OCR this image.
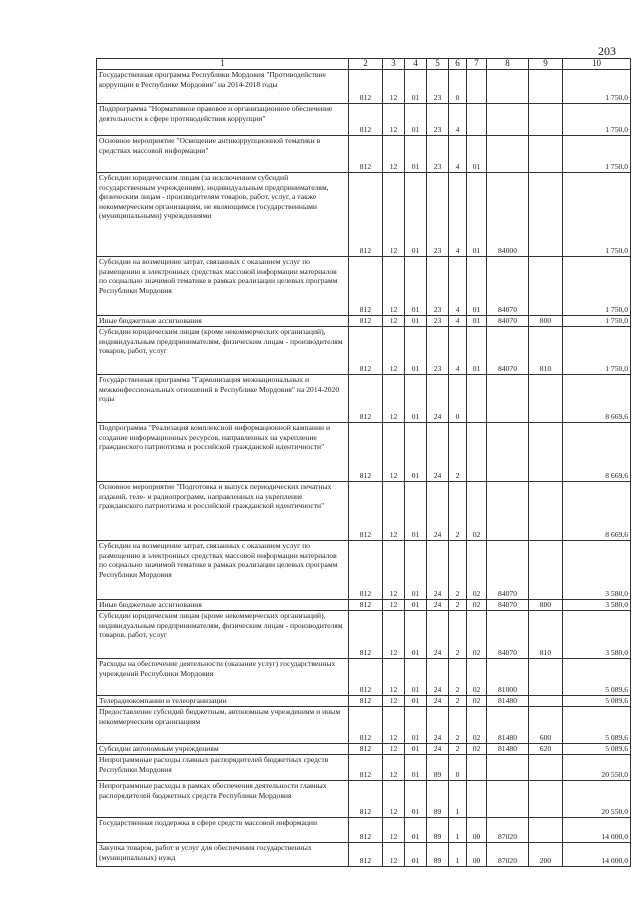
203
1	2	3	4	5	6	7	8	9	10
Государственная программа Республики Мордовия "Противодействие коррупции в Республике Мордовия" на 2014-2018 годы	812	12	01	23	0				1 750,0
Подпрограмма "Нормативное правовое и организационное обеспечение деятельности в сфере противодействия коррупции"	812	12	01	23	4				1 750,0
Основное мероприятие "Освещение антикоррупционной тематики в средствах массовой информации"	812	12	01	23	4	01			1 750,0
Субсидии юридическим лицам (за исключением субсидий государственным учреждениям), индивидуальным предпринимателям, физическим лицам - производителям товаров, работ, услуг, а также некоммерческим организациям, не являющимся государственными (муниципальными) учреждениями	812	12	01	23	4	01	84000		1 750,0
Субсидии на возмещение затрат, связанных с оказанием услуг по размещению в электронных средствах массовой информации материалов по социально значимой тематике в рамках реализации целевых программ Республики Мордовия	812	12	01	23	4	01	84070		1 750,0
Иные бюджетные ассигнования	812	12	01	23	4	01	84070	800	1 750,0
Субсидии юридическим лицам (кроме некоммерческих организаций), индивидуальным предпринимателям, физическим лицам - производителям товаров, работ, услуг	812	12	01	23	4	01	84070	810	1 750,0
Государственная программа "Гармонизация межнациональных и межконфессиональных отношений в Республике Мордовия" на 2014-2020 годы	812	12	01	24	0				8 669,6
Подпрограмма "Реализация комплексной информационной кампании и создание информационных ресурсов, направленных на укрепление гражданского патриотизма и российской гражданской идентичности"	812	12	01	24	2				8 669,6
Основное мероприятие "Подготовка и выпуск периодических печатных изданий, теле- и радиопрограмм, направленных на укрепление гражданского патриотизма и российской гражданской идентичности"	812	12	01	24	2	02			8 669,6
Субсидии на возмещение затрат, связанных с оказанием услуг по размещению в электронных средствах массовой информации материалов по социально значимой тематике в рамках реализации целевых программ Республики Мордовия	812	12	01	24	2	02	84070		3 580,0
Иные бюджетные ассигнования	812	12	01	24	2	02	84070	800	3 580,0
Субсидии юридическим лицам (кроме некоммерческих организаций), индивидуальным предпринимателям, физическим лицам - производителям товаров, работ, услуг	812	12	01	24	2	02	84070	810	3 580,0
Расходы на обеспечение деятельности (оказание услуг) государственных учреждений Республики Мордовия	812	12	01	24	2	02	81000		5 089,6
Телерадиокомпании и телеорганизации	812	12	01	24	2	02	81480		5 089,6
Предоставление субсидий бюджетным, автономным учреждениям и иным некоммерческим организациям	812	12	01	24	2	02	81480	600	5 089,6
Субсидии автономным учреждениям	812	12	01	24	2	02	81480	620	5 089,6
Непрограммные расходы главных распорядителей бюджетных средств Республики Мордовия	812	12	01	89	0				20 550,0
Непрограммные расходы в рамках обеспечения деятельности главных распорядителей бюджетных средств Республики Мордовия	812	12	01	89	1				20 550,0
Государственная поддержка в сфере средств массовой информации	812	12	01	89	1	00	87020		14 000,0
Закупка товаров, работ и услуг для обеспечения государственных (муниципальных) нужд	812	12	01	89	1	00	87020	200	14 000,0
